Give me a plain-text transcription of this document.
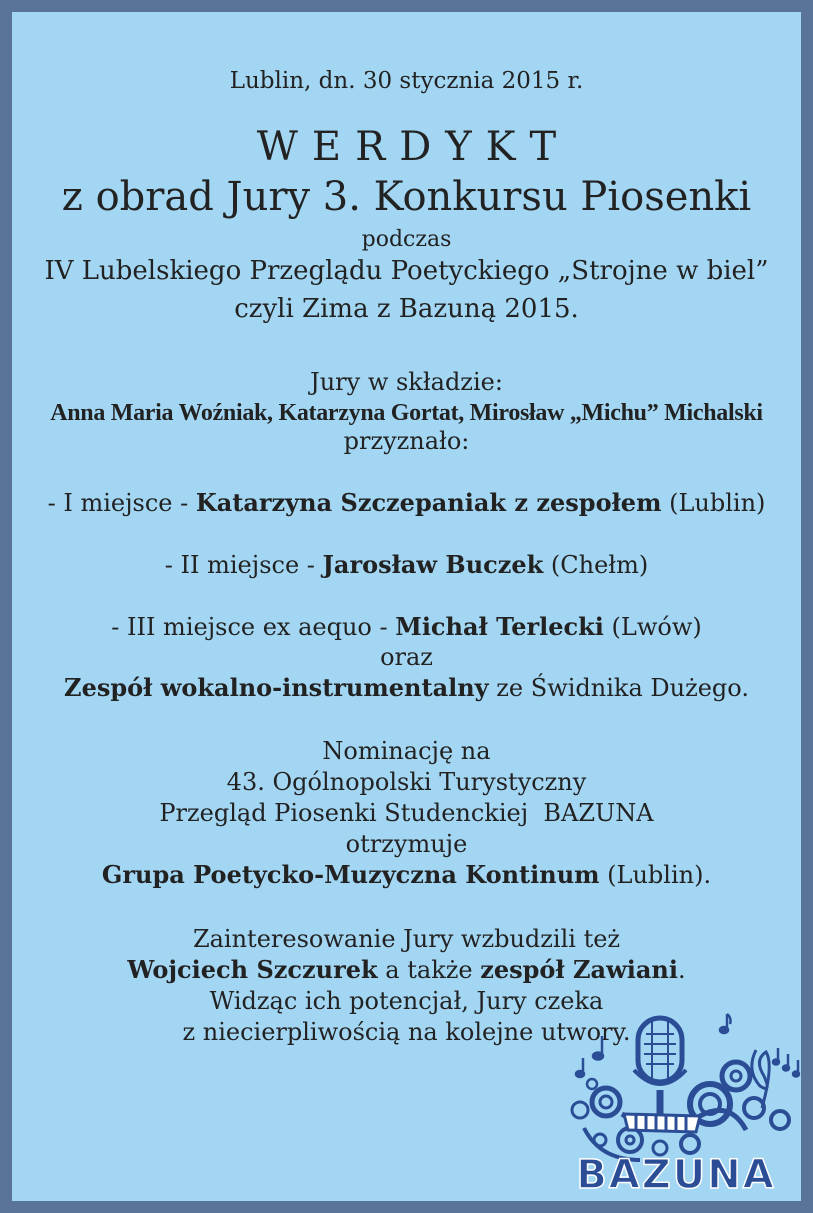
Lublin, dn. 30 stycznia 2015 r.
WERDYKT
z obrad Jury 3. Konkursu Piosenki
podczas
IV Lubelskiego Przeglądu Poetyckiego „Strojne w biel”
czyli Zima z Bazuną 2015.
Jury w składzie:
Anna Maria Woźniak, Katarzyna Gortat, Mirosław „Michu” Michalski
przyznało:
- I miejsce - Katarzyna Szczepaniak z zespołem (Lublin)
- II miejsce - Jarosław Buczek (Chełm)
- III miejsce ex aequo - Michał Terlecki (Lwów)
oraz
Zespół wokalno-instrumentalny ze Świdnika Dużego.
Nominację na
43. Ogólnopolski Turystyczny
Przegląd Piosenki Studenckiej  BAZUNA
otrzymuje
Grupa Poetycko-Muzyczna Kontinum (Lublin).
Zainteresowanie Jury wzbudzili też
Wojciech Szczurek a także zespół Zawiani.
Widząc ich potencjał, Jury czeka
z niecierpliwością na kolejne utwory.
BAZUNA
